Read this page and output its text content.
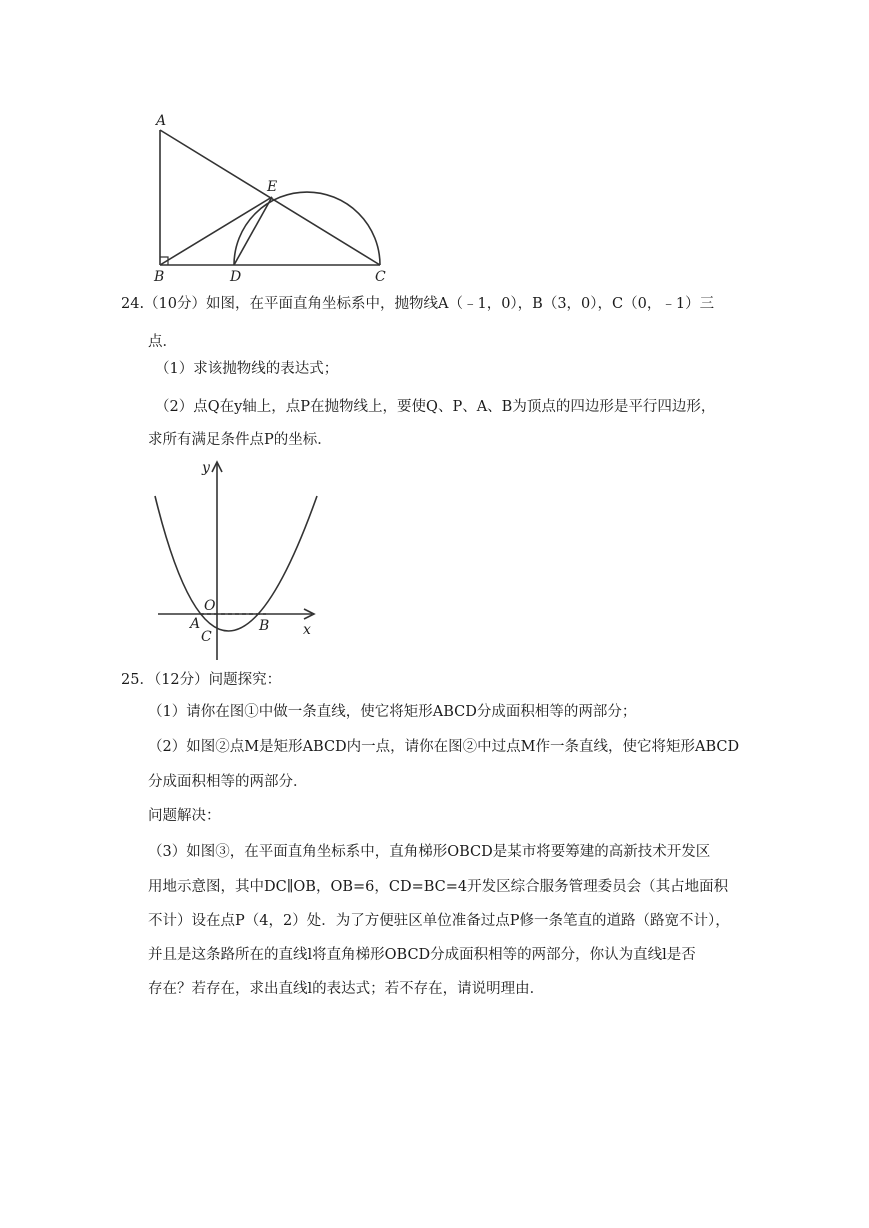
A
B	D	C
E
24.（10分）如图，在平面直角坐标系中，抛物线A（﹣1，0），B（3，0），C（0，﹣1）三
点．
（1）求该抛物线的表达式；
（2）点Q在y轴上，点P在抛物线上，要使Q、P、A、B为顶点的四边形是平行四边形，
求所有满足条件点P的坐标．
y
x
O
A
C
B
25．（12分）问题探究：
（1）请你在图①中做一条直线，使它将矩形ABCD分成面积相等的两部分；
（2）如图②点M是矩形ABCD内一点，请你在图②中过点M作一条直线，使它将矩形ABCD
分成面积相等的两部分．
问题解决：
（3）如图③，在平面直角坐标系中，直角梯形OBCD是某市将要筹建的高新技术开发区
用地示意图，其中DC∥OB，OB=6，CD=BC=4开发区综合服务管理委员会（其占地面积
不计）设在点P（4，2）处．为了方便驻区单位准备过点P修一条笔直的道路（路宽不计），
并且是这条路所在的直线l将直角梯形OBCD分成面积相等的两部分，你认为直线l是否
存在？若存在，求出直线l的表达式；若不存在，请说明理由．
